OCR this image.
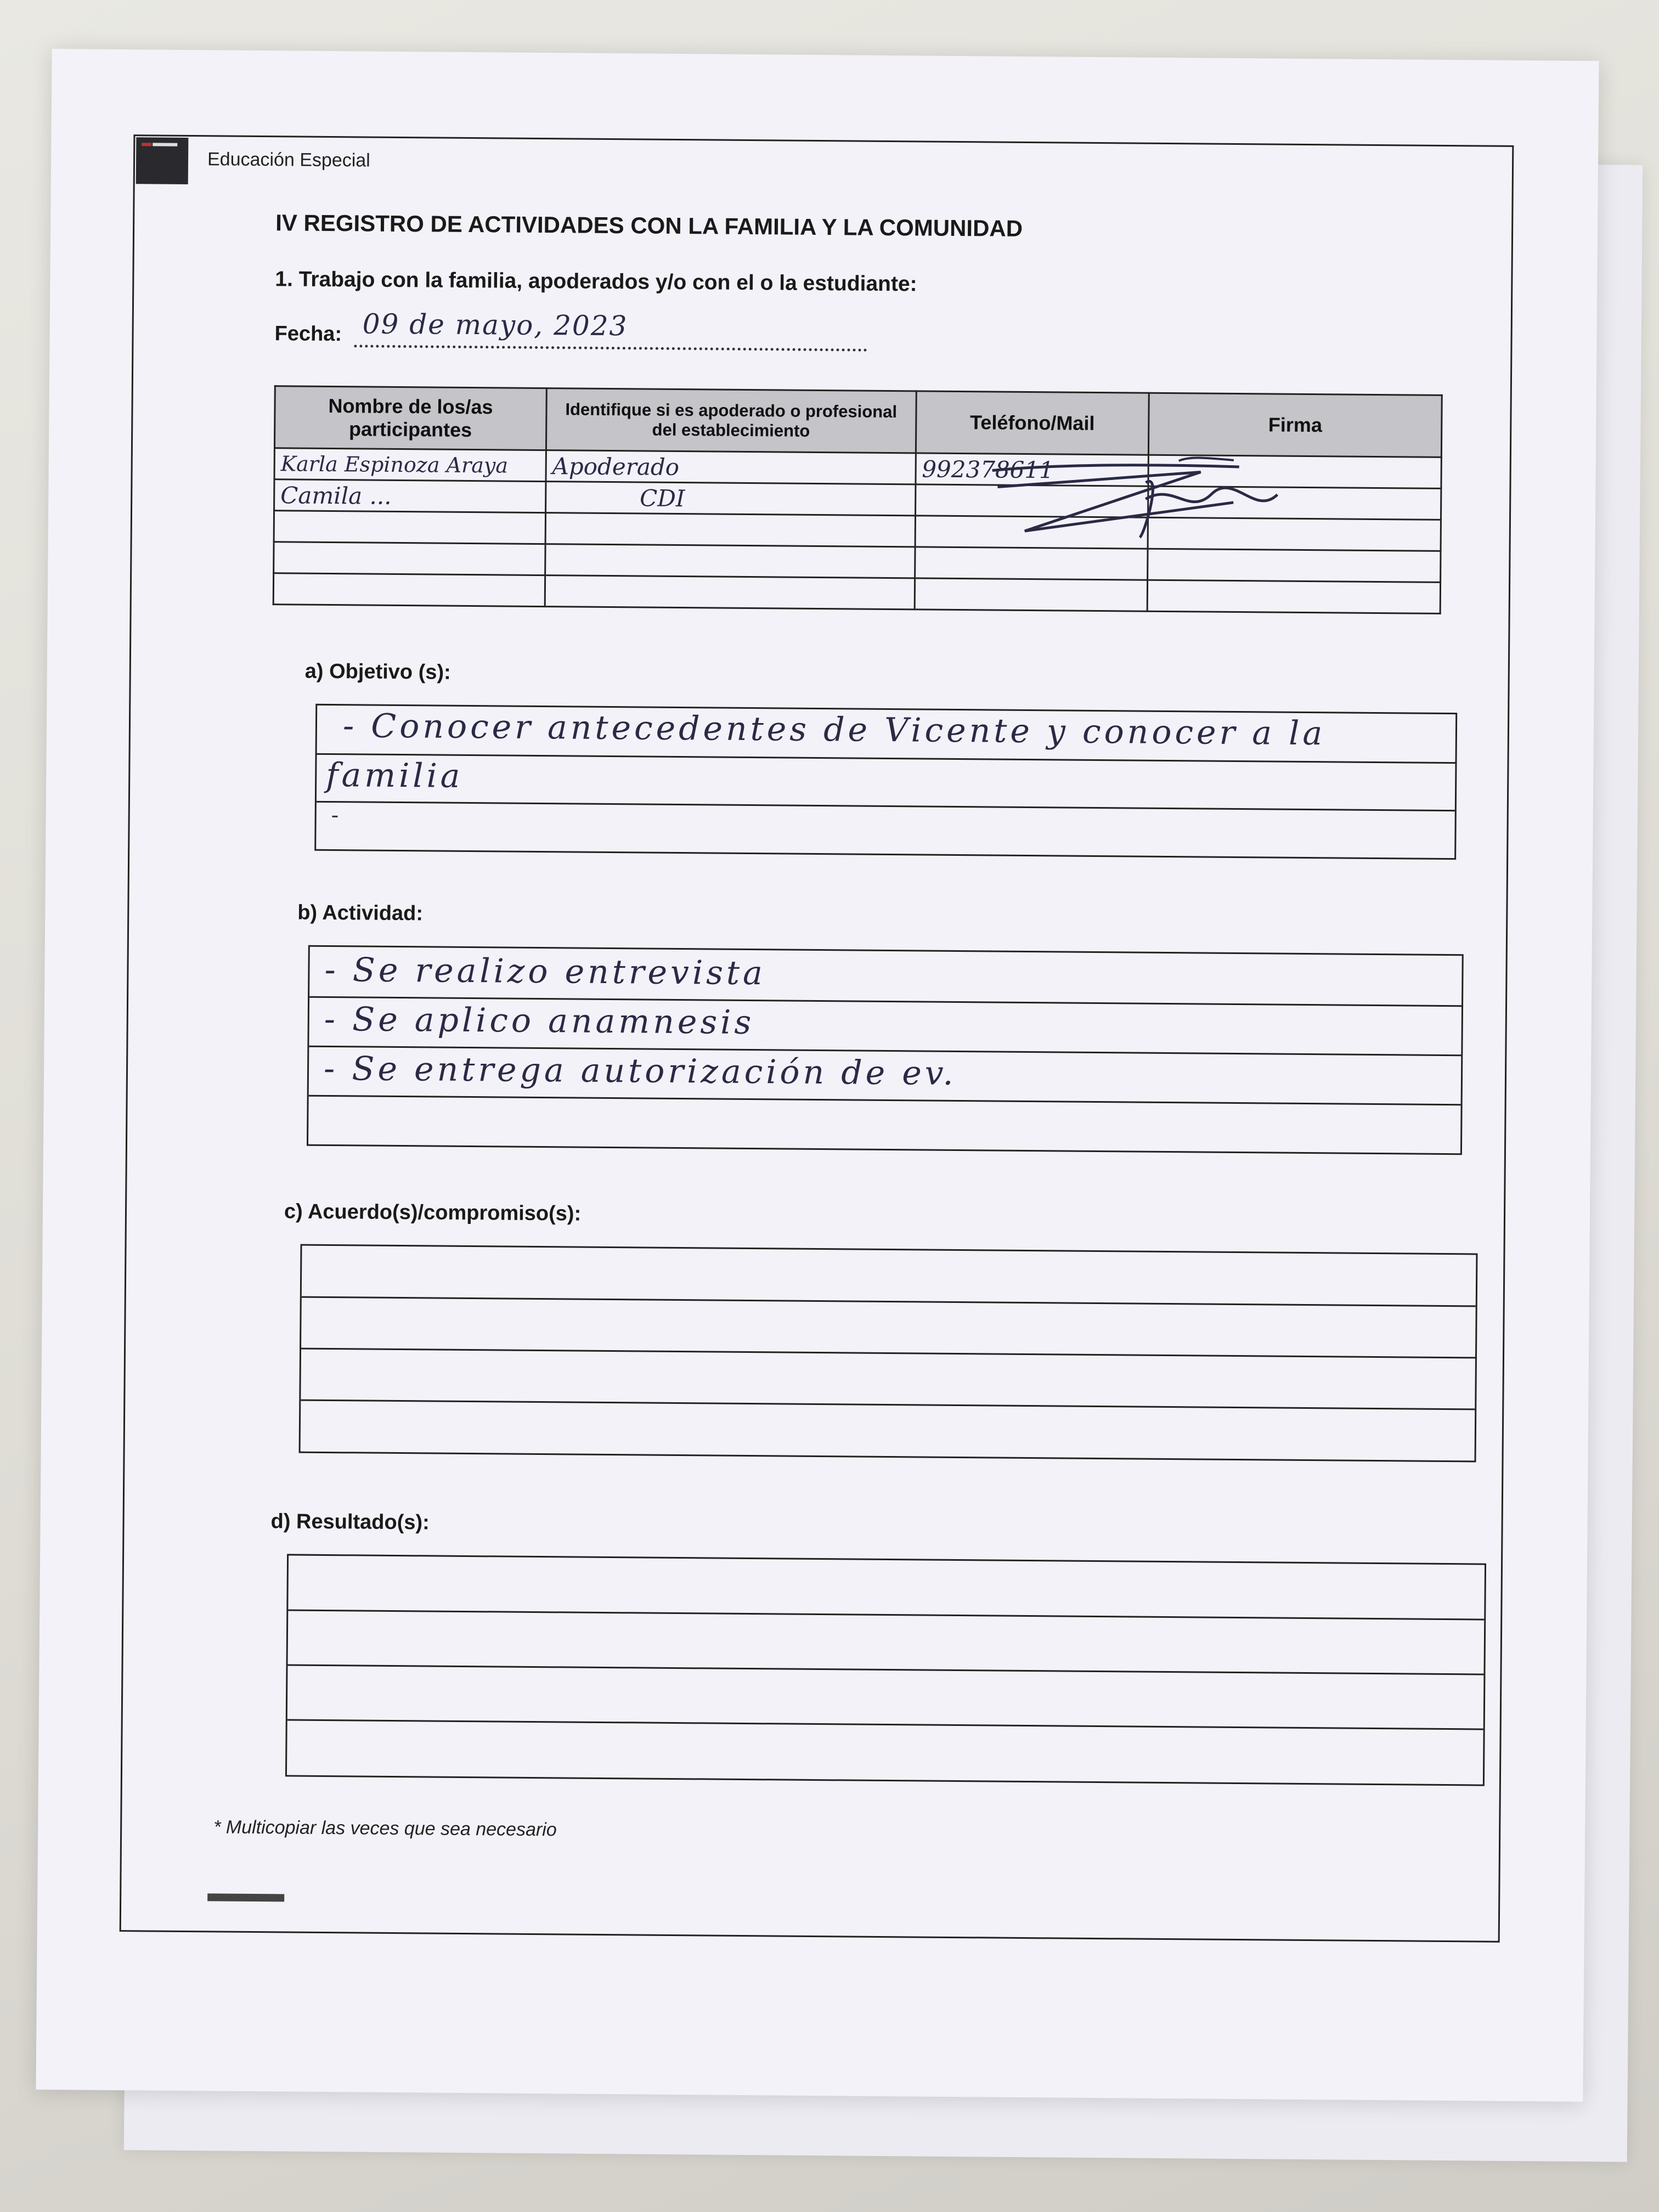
Educación Especial
IV REGISTRO DE ACTIVIDADES CON LA FAMILIA Y LA COMUNIDAD
1. Trabajo con la familia, apoderados y/o con el o la estudiante:
Fecha: 09 de mayo, 2023
Nombre de los/as participantes	Identifique si es apoderado o profesional del establecimiento	Teléfono/Mail	Firma
Karla Espinoza Araya	Apoderado	992378611	
Camila ...	CDI		

a) Objetivo (s):
- Conocer antecedentes de Vicente y conocer a la
familia
-
b) Actividad:
- Se realizo entrevista
- Se aplico anamnesis
- Se entrega autorización de ev.
c) Acuerdo(s)/compromiso(s):
d) Resultado(s):
* Multicopiar las veces que sea necesario
